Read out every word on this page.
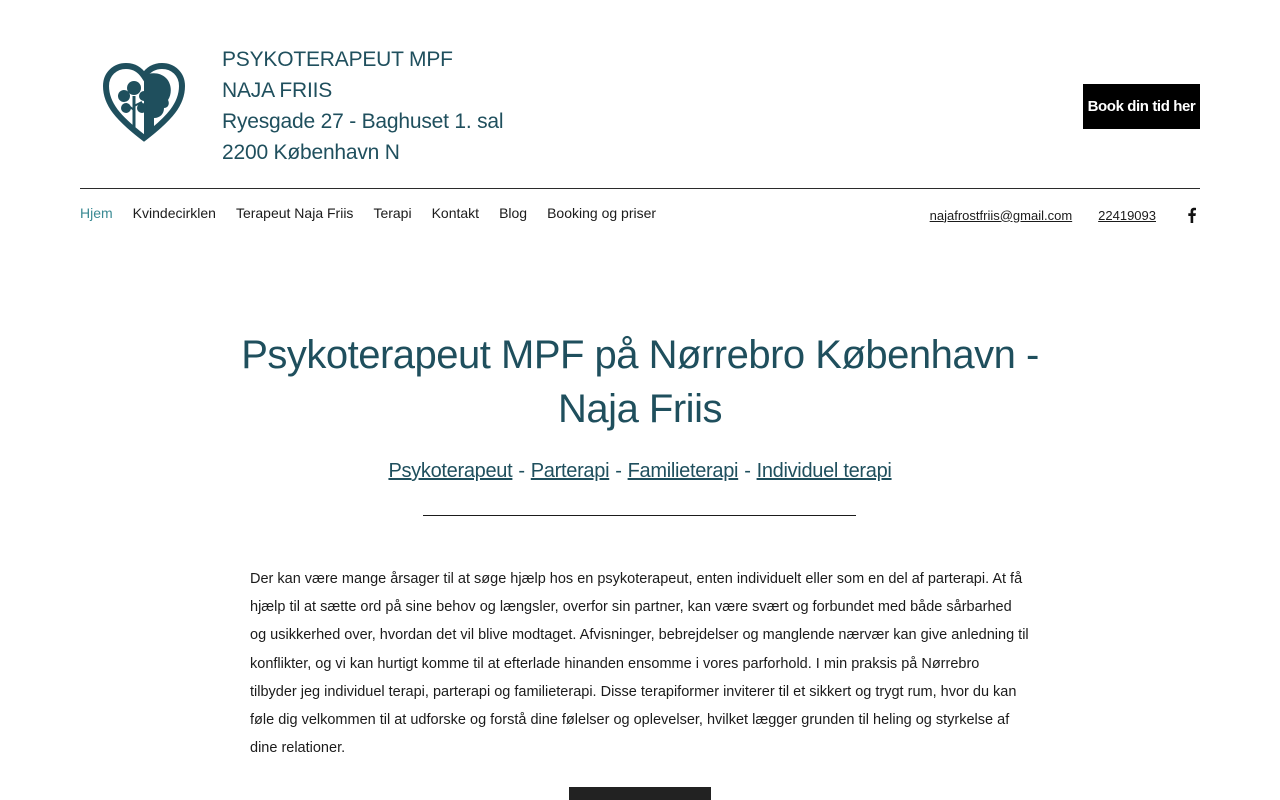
PSYKOTERAPEUT MPF
NAJA FRIIS
Ryesgade 27 - Baghuset 1. sal
2200 København N
Book din tid her
Hjem Kvindecirklen Terapeut Naja Friis Terapi Kontakt Blog Booking og priser	najafrostfriis@gmail.com 22419093
Psykoterapeut MPF på Nørrebro København - Naja Friis
Psykoterapeut - Parterapi - Familieterapi - Individuel terapi

Der kan være mange årsager til at søge hjælp hos en psykoterapeut, enten individuelt eller som en del af parterapi. At få hjælp til at sætte ord på sine behov og længsler, overfor sin partner, kan være svært og forbundet med både sårbarhed og usikkerhed over, hvordan det vil blive modtaget. Afvisninger, bebrejdelser og manglende nærvær kan give anledning til konflikter, og vi kan hurtigt komme til at efterlade hinanden ensomme i vores parforhold. I min praksis på Nørrebro tilbyder jeg individuel terapi, parterapi og familieterapi. Disse terapiformer inviterer til et sikkert og trygt rum, hvor du kan føle dig velkommen til at udforske og forstå dine følelser og oplevelser, hvilket lægger grunden til heling og styrkelse af dine relationer.
